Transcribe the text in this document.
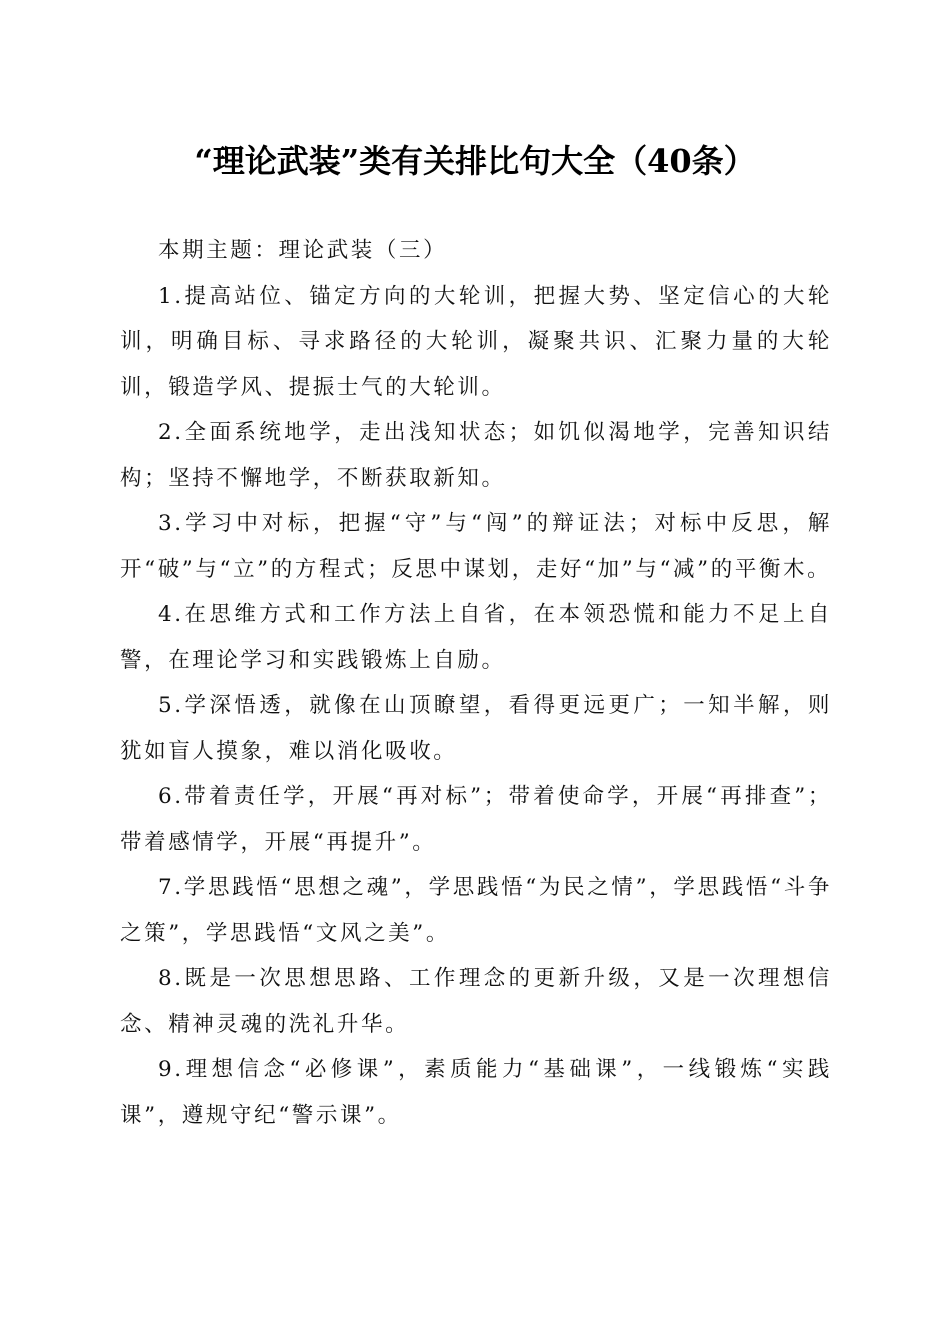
“理论武装”类有关排比句大全（40条）

本期主题：理论武装（三）

1.提高站位、锚定方向的大轮训，把握大势、坚定信心的大轮训，明确目标、寻求路径的大轮训，凝聚共识、汇聚力量的大轮训，锻造学风、提振士气的大轮训。

2.全面系统地学，走出浅知状态；如饥似渴地学，完善知识结构；坚持不懈地学，不断获取新知。

3.学习中对标，把握“守”与“闯”的辩证法；对标中反思，解开“破”与“立”的方程式；反思中谋划，走好“加”与“减”的平衡木。

4.在思维方式和工作方法上自省，在本领恐慌和能力不足上自警，在理论学习和实践锻炼上自励。

5.学深悟透，就像在山顶瞭望，看得更远更广；一知半解，则犹如盲人摸象，难以消化吸收。

6.带着责任学，开展“再对标”；带着使命学，开展“再排查”；带着感情学，开展“再提升”。

7.学思践悟“思想之魂”，学思践悟“为民之情”，学思践悟“斗争之策”，学思践悟“文风之美”。

8.既是一次思想思路、工作理念的更新升级，又是一次理想信念、精神灵魂的洗礼升华。

9.理想信念“必修课”，素质能力“基础课”，一线锻炼“实践课”，遵规守纪“警示课”。
